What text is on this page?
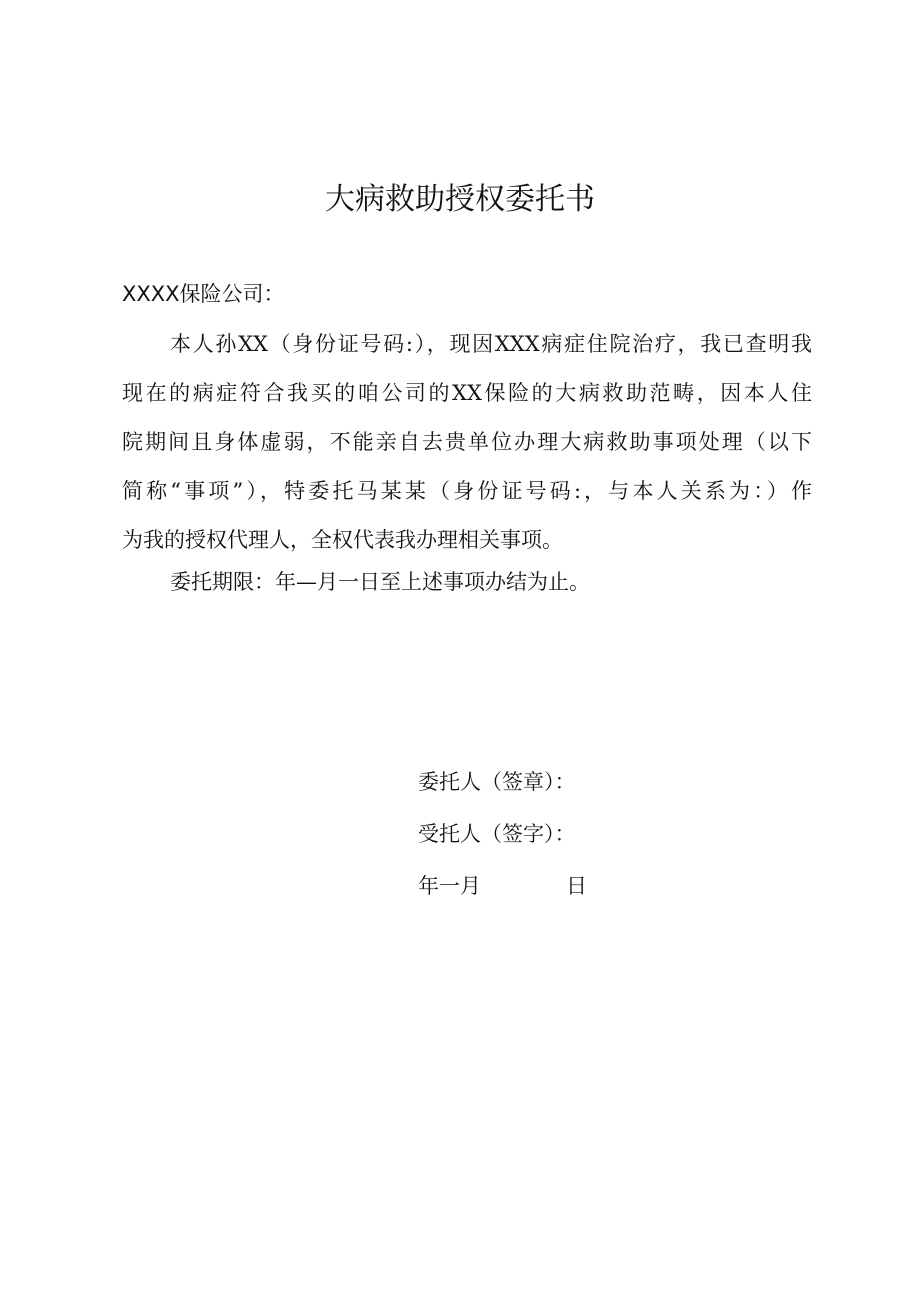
大病救助授权委托书
XXXX保险公司：
本人孙XX（身份证号码:），现因XXX病症住院治疗，我已查明我
现在的病症符合我买的咱公司的XX保险的大病救助范畴，因本人住
院期间且身体虚弱，不能亲自去贵单位办理大病救助事项处理（以下
简称“事项”），特委托马某某（身份证号码:，与本人关系为：）作
为我的授权代理人，全权代表我办理相关事项。
委托期限：年—月一日至上述事项办结为止。
委托人（签章）：
受托人（签字）：
年一月	日
